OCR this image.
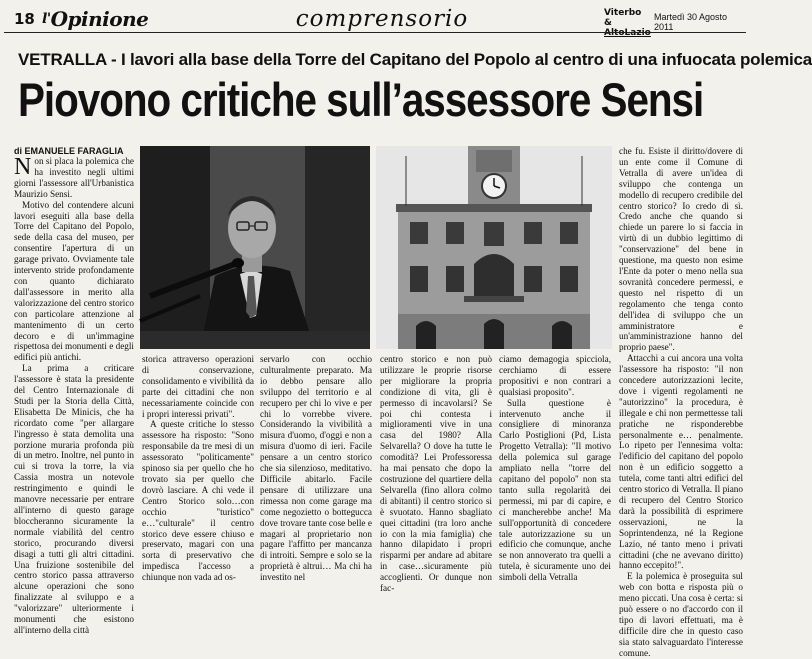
18 l'Opinione	comprensorio	Viterbo &
AltoLazio
Martedì 30 Agosto 2011
VETRALLA - I lavori alla base della Torre del Capitano del Popolo al centro di una infuocata polemica
Piovono critiche sull’assessore Sensi
di EMANUELE FARAGLIA

Non si placa la polemica che ha investito negli ultimi giorni l'assessore all'Urbanistica Maurizio Sensi.

Motivo del contendere alcuni lavori eseguiti alla base della Torre del Capitano del Popolo, sede della casa del museo, per consentire l'apertura di un garage privato. Ovviamente tale intervento stride profondamente con quanto dichiarato dall'assessore in merito alla valorizzazione del centro storico con particolare attenzione al mantenimento di un certo decoro e di un'immagine rispettosa dei monumenti e degli edifici più antichi.

La prima a criticare l'assessore è stata la presidente del Centro Internazionale di Studi per la Storia della Città, Elisabetta De Minicis, che ha ricordato come "per allargare l'ingresso è stata demolita una porzione muraria profonda più di un metro. Inoltre, nel punto in cui si trova la torre, la via Cassia mostra un notevole restringimento e quindi le manovre necessarie per entrare all'interno di questo garage bloccheranno sicuramente la normale viabilità del centro storico, procurando diversi disagi a tutti gli altri cittadini. Una fruizione sostenibile del centro storico passa attraverso alcune operazioni che sono finalizzate al sviluppo e a "valorizzare" ulteriormente i monumenti che esistono all'interno della città

storica attraverso operazioni di conservazione, consolidamento e vivibilità da parte dei cittadini che non necessariamente coincide con i propri interessi privati".

A queste critiche lo stesso assessore ha risposto: "Sono responsabile da tre mesi di un assessorato "politicamente" spinoso sia per quello che ho trovato sia per quello che dovrò lasciare. A chi vede il Centro Storico solo…con occhio "turistico" e…"culturale" il centro storico deve essere chiuso e preservato, magari con una sorta di preservativo che impedisca l'accesso a chiunque non vada ad os-

servarlo con occhio culturalmente preparato. Ma io debbo pensare allo sviluppo del territorio e al recupero per chi lo vive e per chi lo vorrebbe vivere. Considerando la vivibilità a misura d'uomo, d'oggi e non a misura d'uomo di ieri. Facile pensare a un centro storico che sia silenzioso, meditativo. Difficile abitarlo. Facile pensare di utilizzare una rimessa non come garage ma come negozietto o bottegucca dove trovare tante cose belle e magari al proprietario non pagare l'affitto per mancanza di introiti. Sempre e solo se la proprietà è altrui… Ma chi ha investito nel

centro storico e non può utilizzare le proprie risorse per migliorare la propria condizione di vita, gli è permesso di incavolarsi? Se poi chi contesta i miglioramenti vive in una casa del 1980? Alla Selvarella? O dove ha tutte le comodità? Lei Professoressa ha mai pensato che dopo la costruzione del quartiere della Selvarella (fino allora colmo di abitanti) il centro storico si è svuotato. Hanno sbagliato quei cittadini (tra loro anche io con la mia famiglia) che hanno dilapidato i propri risparmi per andare ad abitare in case…sicuramente più accoglienti. Or dunque non fac-

ciamo demagogia spicciola, cerchiamo di essere propositivi e non contrari a qualsiasi proposito".

Sulla questione è intervenuto anche il consigliere di minoranza Carlo Postiglioni (Pd, Lista Progetto Vetralla): "Il motivo della polemica sul garage ampliato nella "torre del capitano del popolo" non sta tanto sulla regolarità dei permessi, mi par di capire, e ci mancherebbe anche! Ma sull'opportunità di concedere tale autorizzazione su un edificio che comunque, anche se non annoverato tra quelli a tutela, è sicuramente uno dei simboli della Vetralla

che fu. Esiste il diritto/dovere di un ente come il Comune di Vetralla di avere un'idea di sviluppo che contenga un modello di recupero credibile del centro storico? Io credo di sì. Credo anche che quando si chiede un parere lo si faccia in virtù di un dubbio legittimo di "conservazione" del bene in questione, ma questo non esime l'Ente da poter o meno nella sua sovranità concedere permessi, e questo nel rispetto di un regolamento che tenga conto dell'idea di sviluppo che un amministratore e un'amministrazione hanno del proprio paese".

Attacchi a cui ancora una volta l'assessore ha risposto: "il non concedere autorizzazioni lecite, dove i vigenti regolamenti ne "autorizzino" la procedura, è illegale e chi non permettesse tali pratiche ne risponderebbe personalmente e… penalmente. Lo ripeto per l'ennesima volta: l'edificio del capitano del popolo non è un edificio soggetto a tutela, come tanti altri edifici del centro storico di Vetralla. Il piano di recupero del Centro Storico darà la possibilità di esprimere osservazioni, ne la Soprintendenza, né la Regione Lazio, né tanto meno i privati cittadini (che ne avevano diritto) hanno eccepito!".

E la polemica è proseguita sul web con botta e risposta più o meno piccati. Una cosa è certa: si può essere o no d'accordo con il tipo di lavori effettuati, ma è difficile dire che in questo caso sia stato salvaguardato l'interesse comune.
